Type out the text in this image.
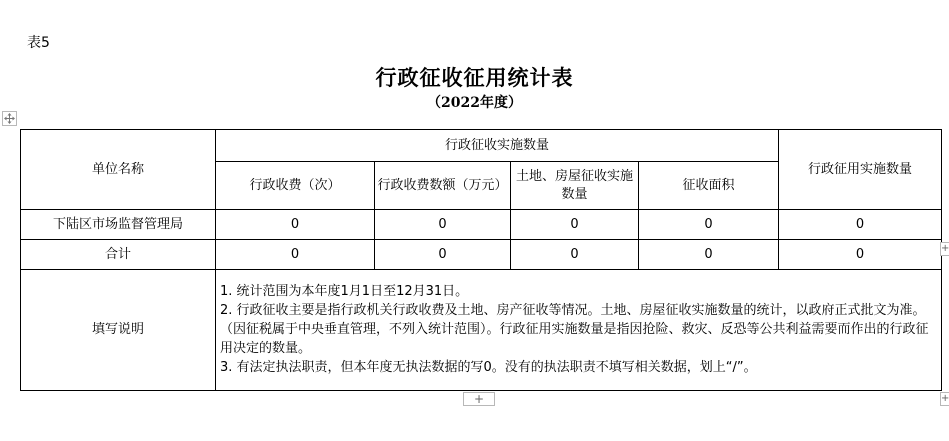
表5
行政征收征用统计表
（2022年度）
单位名称	行政征收实施数量				行政征用实施数量
	行政收费（次）	行政收费数额（万元）	土地、房屋征收实施数量	征收面积	
下陆区市场监督管理局	0	0	0	0	0
合计	0	0	0	0	0
填写说明	1. 统计范围为本年度1月1日至12月31日。
2. 行政征收主要是指行政机关行政收费及土地、房产征收等情况。土地、房屋征收实施数量的统计，以政府正式批文为准。　（因征税属于中央垂直管理，不列入统计范围）。行政征用实施数量是指因抢险、救灾、反恐等公共利益需要而作出的行政征用决定的数量。
3. 有法定执法职责，但本年度无执法数据的写0。没有的执法职责不填写相关数据，划上“/”。				
+
+
+
